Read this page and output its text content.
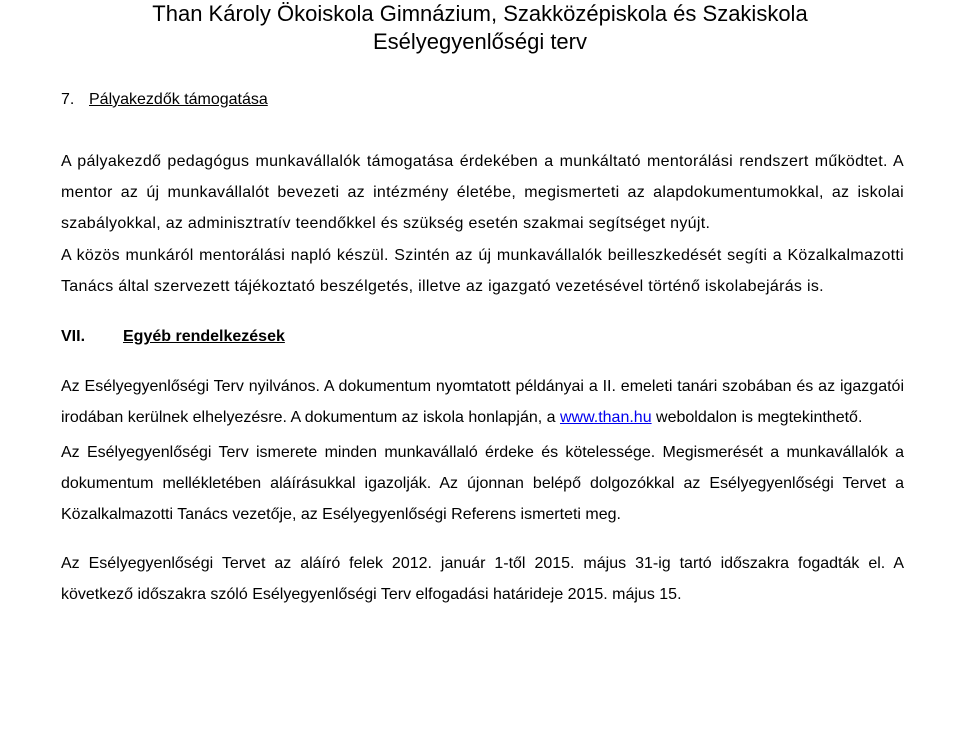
Than Károly Ökoiskola Gimnázium, Szakközépiskola és Szakiskola
Esélyegyenlőségi terv
7. Pályakezdők támogatása
A pályakezdő pedagógus munkavállalók támogatása érdekében a munkáltató mentorálási rendszert működtet. A mentor az új munkavállalót bevezeti az intézmény életébe, megismerteti az alapdokumentumokkal, az iskolai szabályokkal, az adminisztratív teendőkkel és szükség esetén szakmai segítséget nyújt.
A közös munkáról mentorálási napló készül. Szintén az új munkavállalók beilleszkedését segíti a Közalkalmazotti Tanács által szervezett tájékoztató beszélgetés, illetve az igazgató vezetésével történő iskolabejárás is.
VII. Egyéb rendelkezések
Az Esélyegyenlőségi Terv nyilvános. A dokumentum nyomtatott példányai a II. emeleti tanári szobában és az igazgatói irodában kerülnek elhelyezésre. A dokumentum az iskola honlapján, a www.than.hu weboldalon is megtekinthető.
Az Esélyegyenlőségi Terv ismerete minden munkavállaló érdeke és kötelessége. Megismerését a munkavállalók a dokumentum mellékletében aláírásukkal igazolják. Az újonnan belépő dolgozókkal az Esélyegyenlőségi Tervet a Közalkalmazotti Tanács vezetője, az Esélyegyenlőségi Referens ismerteti meg.
Az Esélyegyenlőségi Tervet az aláíró felek 2012. január 1-től 2015. május 31-ig tartó időszakra fogadták el. A következő időszakra szóló Esélyegyenlőségi Terv elfogadási határideje 2015. május 15.
